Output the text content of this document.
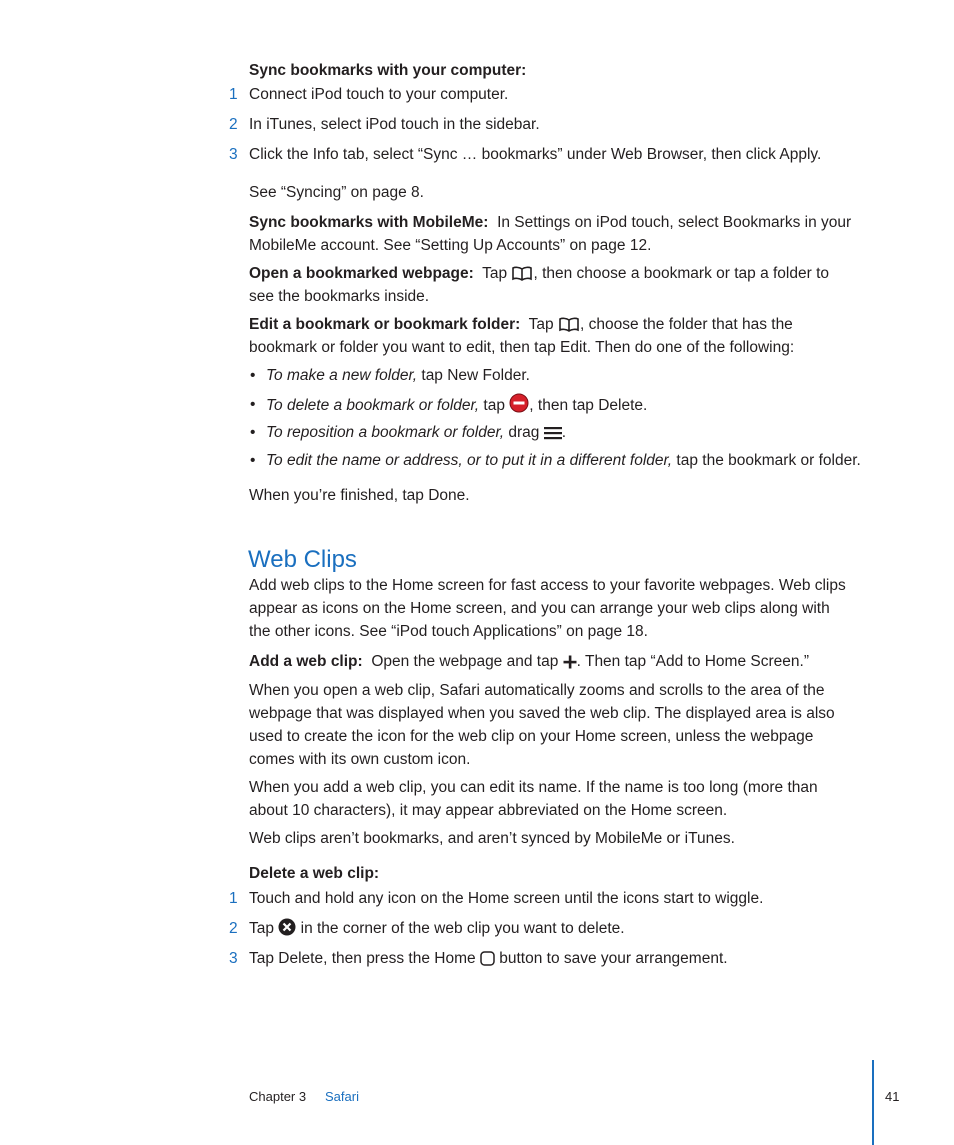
Sync bookmarks with your computer:
1 Connect iPod touch to your computer.
2 In iTunes, select iPod touch in the sidebar.
3 Click the Info tab, select “Sync … bookmarks” under Web Browser, then click Apply.
See “Syncing” on page 8.
Sync bookmarks with MobileMe: In Settings on iPod touch, select Bookmarks in your
MobileMe account. See “Setting Up Accounts” on page 12.
Open a bookmarked webpage: Tap , then choose a bookmark or tap a folder to
see the bookmarks inside.
Edit a bookmark or bookmark folder: Tap , choose the folder that has the
bookmark or folder you want to edit, then tap Edit. Then do one of the following:
• To make a new folder, tap New Folder.
• To delete a bookmark or folder, tap , then tap Delete.
• To reposition a bookmark or folder, drag .
• To edit the name or address, or to put it in a different folder, tap the bookmark or folder.
When you’re finished, tap Done.
Web Clips
Add web clips to the Home screen for fast access to your favorite webpages. Web clips
appear as icons on the Home screen, and you can arrange your web clips along with
the other icons. See “iPod touch Applications” on page 18.
Add a web clip: Open the webpage and tap . Then tap “Add to Home Screen.”
When you open a web clip, Safari automatically zooms and scrolls to the area of the
webpage that was displayed when you saved the web clip. The displayed area is also
used to create the icon for the web clip on your Home screen, unless the webpage
comes with its own custom icon.
When you add a web clip, you can edit its name. If the name is too long (more than
about 10 characters), it may appear abbreviated on the Home screen.
Web clips aren’t bookmarks, and aren’t synced by MobileMe or iTunes.
Delete a web clip:
1 Touch and hold any icon on the Home screen until the icons start to wiggle.
2 Tap in the corner of the web clip you want to delete.
3 Tap Delete, then press the Home button to save your arrangement.
Chapter 3 Safari	41
